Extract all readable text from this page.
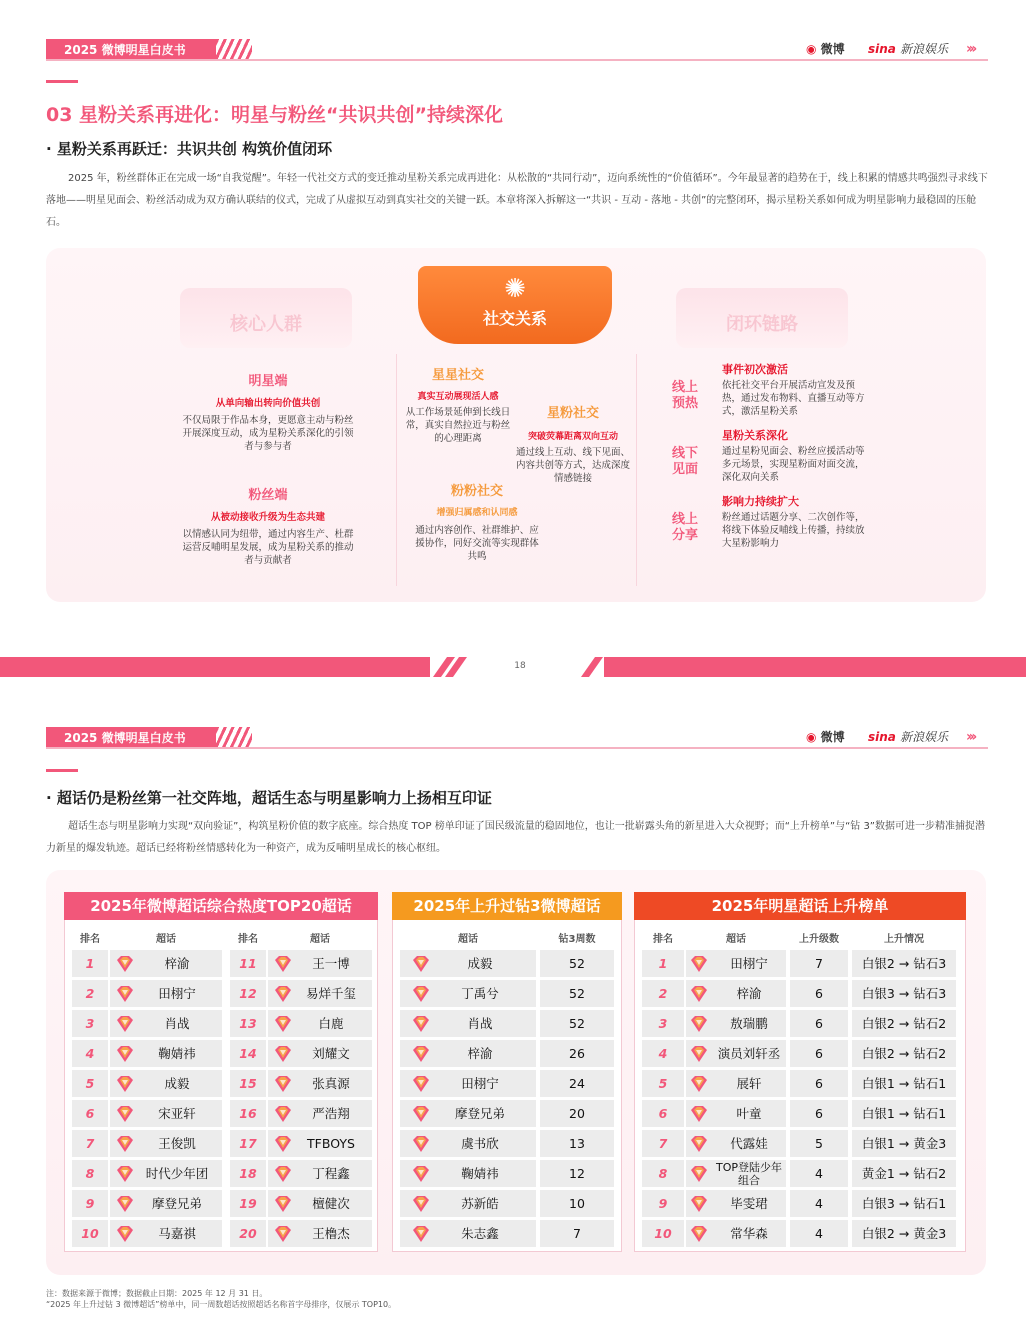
2025 微博明星白皮书	◉ 微博 sina 新浪娱乐 ›››
03 星粉关系再进化：明星与粉丝“共识共创”持续深化
· 星粉关系再跃迁：共识共创 构筑价值闭环
2025 年，粉丝群体正在完成一场“自我觉醒”。年轻一代社交方式的变迁推动星粉关系完成再进化：从松散的“共同行动”，迈向系统性的“价值循环”。今年最显著的趋势在于，线上积累的情感共鸣强烈寻求线下落地——明星见面会、粉丝活动成为双方确认联结的仪式，完成了从虚拟互动到真实社交的关键一跃。本章将深入拆解这一“共识 - 互动 - 落地 - 共创”的完整闭环，揭示星粉关系如何成为明星影响力最稳固的压舱石。
核心人群	闭环链路
✺
社交关系
明星端
从单向输出转向价值共创
不仅局限于作品本身，更愿意主动与粉丝开展深度互动，成为星粉关系深化的引领者与参与者
粉丝端
从被动接收升级为生态共建
以情感认同为纽带，通过内容生产、杜群运营反哺明星发展，成为星粉关系的推动者与贡献者
星星社交
真实互动展现活人感
从工作场景延伸到长线日常，真实自然拉近与粉丝的心理距离
星粉社交
突破荧幕距离双向互动
通过线上互动、线下见面、内容共创等方式，达成深度情感链接
粉粉社交
增强归属感和认同感
通过内容创作、社群维护、应援协作，同好交流等实现群体共鸣
线上
预热
线下
见面
线上
分享
事件初次激活
依托社交平台开展活动宣发及预热，通过发布物料、直播互动等方式，激活星粉关系
星粉关系深化
通过星粉见面会、粉丝应援活动等多元场景，实现星粉面对面交流，深化双向关系
影响力持续扩大
粉丝通过话题分享、二次创作等，将线下体验反哺线上传播，持续放大星粉影响力
18
2025 微博明星白皮书	◉ 微博 sina 新浪娱乐 ›››
· 超话仍是粉丝第一社交阵地，超话生态与明星影响力上扬相互印证
超话生态与明星影响力实现“双向验证”，构筑星粉价值的数字底座。综合热度 TOP 榜单印证了国民级流量的稳固地位，也让一批崭露头角的新星进入大众视野；而“上升榜单”与“钻 3”数据可进一步精准捕捉潜力新星的爆发轨迹。超话已经将粉丝情感转化为一种资产，成为反哺明星成长的核心枢纽。
2025年微博超话综合热度TOP20超话
排名	超话	排名	超话
1	梓渝	11	王一博
2	田栩宁	12	易烊千玺
3	肖战	13	白鹿
4	鞠婧祎	14	刘耀文
5	成毅	15	张真源
6	宋亚轩	16	严浩翔
7	王俊凯	17	TFBOYS
8	时代少年团	18	丁程鑫
9	摩登兄弟	19	檀健次
10	马嘉祺	20	王橹杰
2025年上升过钻3微博超话
超话	钻3周数
成毅	52
丁禹兮	52
肖战	52
梓渝	26
田栩宁	24
摩登兄弟	20
虞书欣	13
鞠婧祎	12
苏新皓	10
朱志鑫	7
2025年明星超话上升榜单
排名	超话	上升级数	上升情况
1	田栩宁	7	白银2 → 钻石3
2	梓渝	6	白银3 → 钻石3
3	敖瑞鹏	6	白银2 → 钻石2
4	演员刘轩丞	6	白银2 → 钻石2
5	展轩	6	白银1 → 钻石1
6	叶童	6	白银1 → 钻石1
7	代露娃	5	白银1 → 黄金3
8	TOP登陆少年组合	4	黄金1 → 钻石2
9	毕雯珺	4	白银3 → 钻石1
10	常华森	4	白银2 → 黄金3
注：数据来源于微博；数据截止日期：2025 年 12 月 31 日。
“2025 年上升过钻 3 微博超话”榜单中，同一周数超话按照超话名称首字母排序，仅展示 TOP10。
